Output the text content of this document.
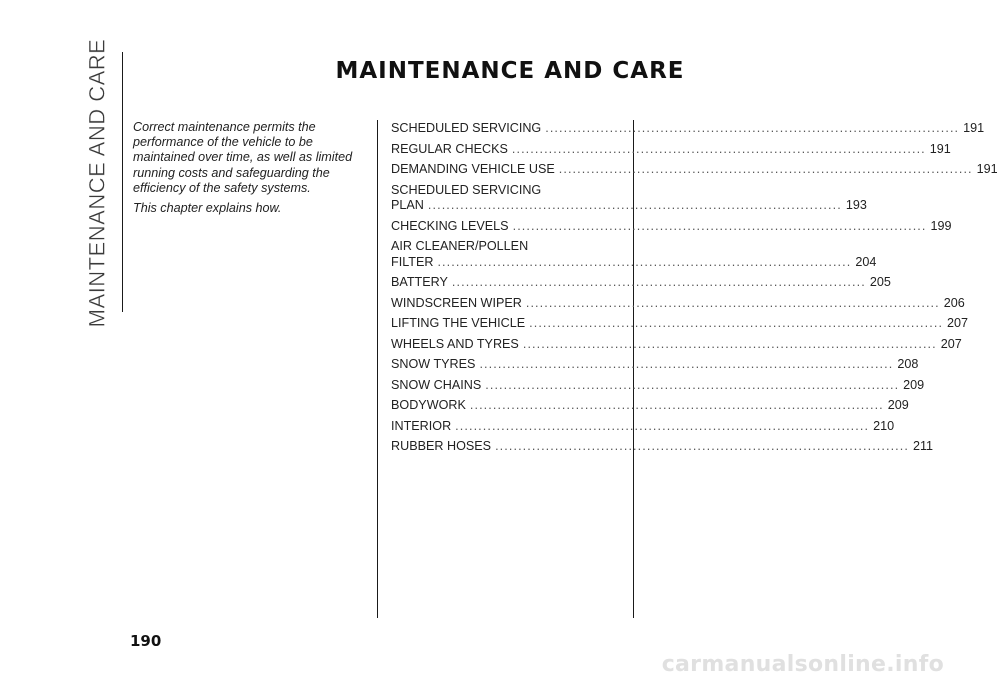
MAINTENANCE AND CARE	MAINTENANCE AND CARE

Correct maintenance permits the performance of the vehicle to be maintained over time, as well as limited running costs and safeguarding the efficiency of the safety systems.

This chapter explains how.

SCHEDULED SERVICING .......................................................................................... 191
REGULAR CHECKS .......................................................................................... 191
DEMANDING VEHICLE USE .......................................................................................... 191
SCHEDULED SERVICING
PLAN .......................................................................................... 193
CHECKING LEVELS .......................................................................................... 199
AIR CLEANER/POLLEN
FILTER .......................................................................................... 204
BATTERY .......................................................................................... 205
WINDSCREEN WIPER .......................................................................................... 206
LIFTING THE VEHICLE .......................................................................................... 207
WHEELS AND TYRES .......................................................................................... 207
SNOW TYRES .......................................................................................... 208
SNOW CHAINS .......................................................................................... 209
BODYWORK .......................................................................................... 209
INTERIOR .......................................................................................... 210
RUBBER HOSES .......................................................................................... 211
190
carmanualsonline.info
